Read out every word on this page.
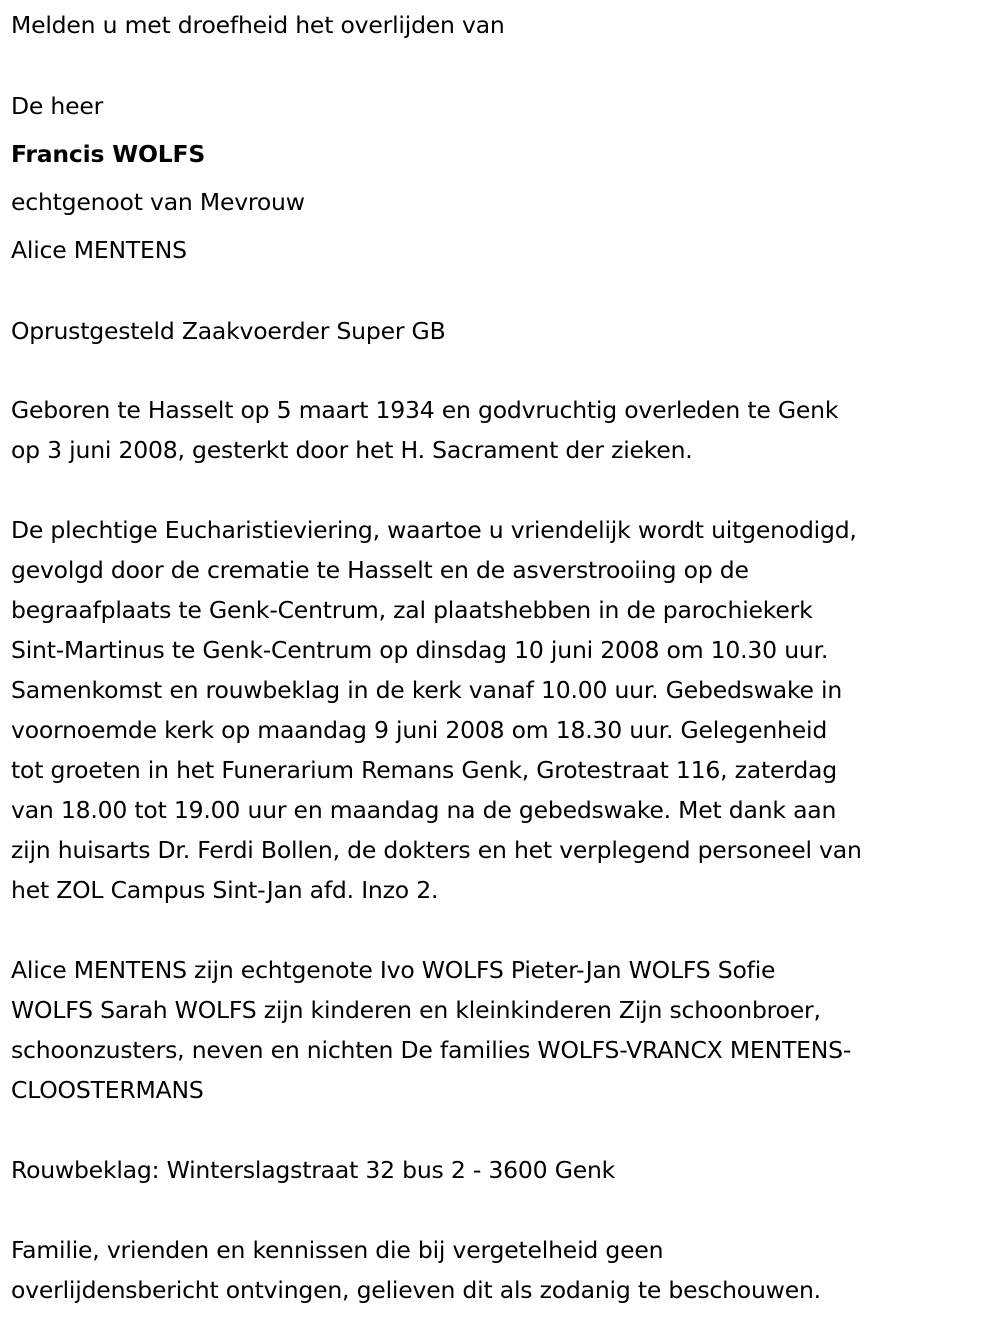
Melden u met droefheid het overlijden van

De heer

Francis WOLFS

echtgenoot van Mevrouw

Alice MENTENS

Oprustgesteld Zaakvoerder Super GB

Geboren te Hasselt op 5 maart 1934 en godvruchtig overleden te Genk
op 3 juni 2008, gesterkt door het H. Sacrament der zieken.

De plechtige Eucharistieviering, waartoe u vriendelijk wordt uitgenodigd,
gevolgd door de crematie te Hasselt en de asverstrooiing op de
begraafplaats te Genk-Centrum, zal plaatshebben in de parochiekerk
Sint-Martinus te Genk-Centrum op dinsdag 10 juni 2008 om 10.30 uur.
Samenkomst en rouwbeklag in de kerk vanaf 10.00 uur. Gebedswake in
voornoemde kerk op maandag 9 juni 2008 om 18.30 uur. Gelegenheid
tot groeten in het Funerarium Remans Genk, Grotestraat 116, zaterdag
van 18.00 tot 19.00 uur en maandag na de gebedswake. Met dank aan
zijn huisarts Dr. Ferdi Bollen, de dokters en het verplegend personeel van
het ZOL Campus Sint-Jan afd. Inzo 2.

Alice MENTENS zijn echtgenote Ivo WOLFS Pieter-Jan WOLFS Sofie
WOLFS Sarah WOLFS zijn kinderen en kleinkinderen Zijn schoonbroer,
schoonzusters, neven en nichten De families WOLFS-VRANCX MENTENS-
CLOOSTERMANS

Rouwbeklag: Winterslagstraat 32 bus 2 - 3600 Genk

Familie, vrienden en kennissen die bij vergetelheid geen
overlijdensbericht ontvingen, gelieven dit als zodanig te beschouwen.
